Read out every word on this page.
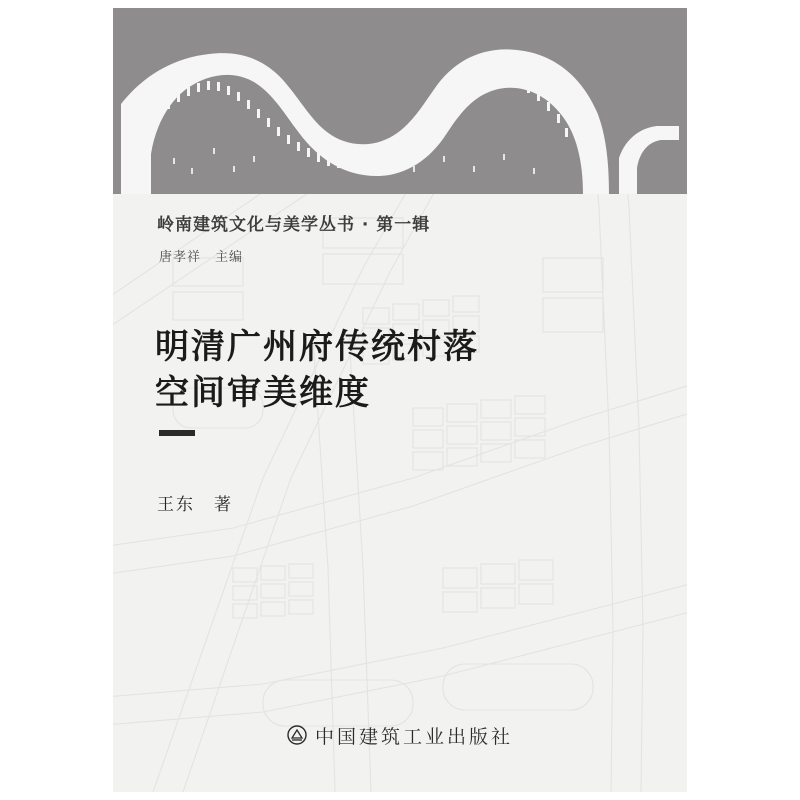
岭南建筑文化与美学丛书 · 第一辑
唐孝祥　主编
明清广州府传统村落
空间审美维度
王东　著
中国建筑工业出版社
